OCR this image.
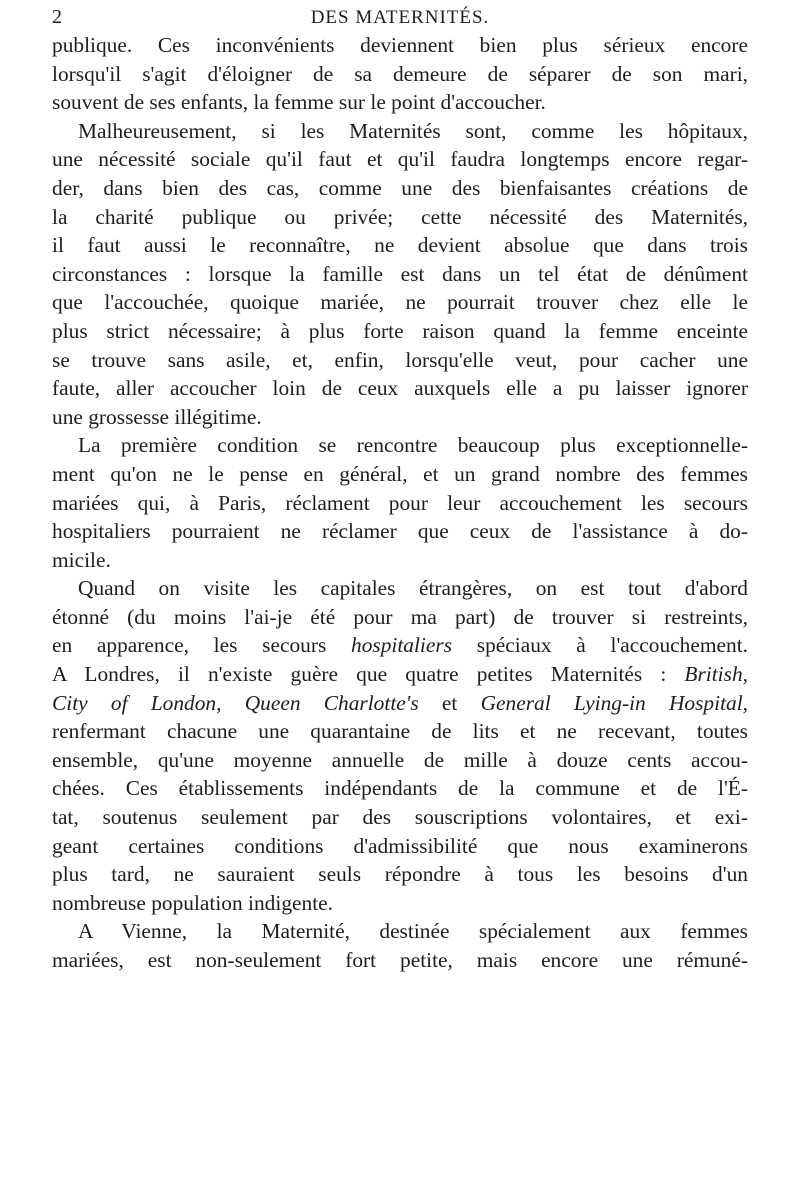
2	DES MATERNITÉS.
publique. Ces inconvénients deviennent bien plus sérieux encore
lorsqu'il s'agit d'éloigner de sa demeure de séparer de son mari,
souvent de ses enfants, la femme sur le point d'accoucher.
Malheureusement, si les Maternités sont, comme les hôpitaux,
une nécessité sociale qu'il faut et qu'il faudra longtemps encore regar-
der, dans bien des cas, comme une des bienfaisantes créations de
la charité publique ou privée; cette nécessité des Maternités,
il faut aussi le reconnaître, ne devient absolue que dans trois
circonstances : lorsque la famille est dans un tel état de dénûment
que l'accouchée, quoique mariée, ne pourrait trouver chez elle le
plus strict nécessaire; à plus forte raison quand la femme enceinte
se trouve sans asile, et, enfin, lorsqu'elle veut, pour cacher une
faute, aller accoucher loin de ceux auxquels elle a pu laisser ignorer
une grossesse illégitime.
La première condition se rencontre beaucoup plus exceptionnelle-
ment qu'on ne le pense en général, et un grand nombre des femmes
mariées qui, à Paris, réclament pour leur accouchement les secours
hospitaliers pourraient ne réclamer que ceux de l'assistance à do-
micile.
Quand on visite les capitales étrangères, on est tout d'abord
étonné (du moins l'ai-je été pour ma part) de trouver si restreints,
en apparence, les secours hospitaliers spéciaux à l'accouchement.
A Londres, il n'existe guère que quatre petites Maternités : British,
City of London, Queen Charlotte's et General Lying-in Hospital,
renfermant chacune une quarantaine de lits et ne recevant, toutes
ensemble, qu'une moyenne annuelle de mille à douze cents accou-
chées. Ces établissements indépendants de la commune et de l'É-
tat, soutenus seulement par des souscriptions volontaires, et exi-
geant certaines conditions d'admissibilité que nous examinerons
plus tard, ne sauraient seuls répondre à tous les besoins d'un
nombreuse population indigente.
A Vienne, la Maternité, destinée spécialement aux femmes
mariées, est non-seulement fort petite, mais encore une rémuné-
